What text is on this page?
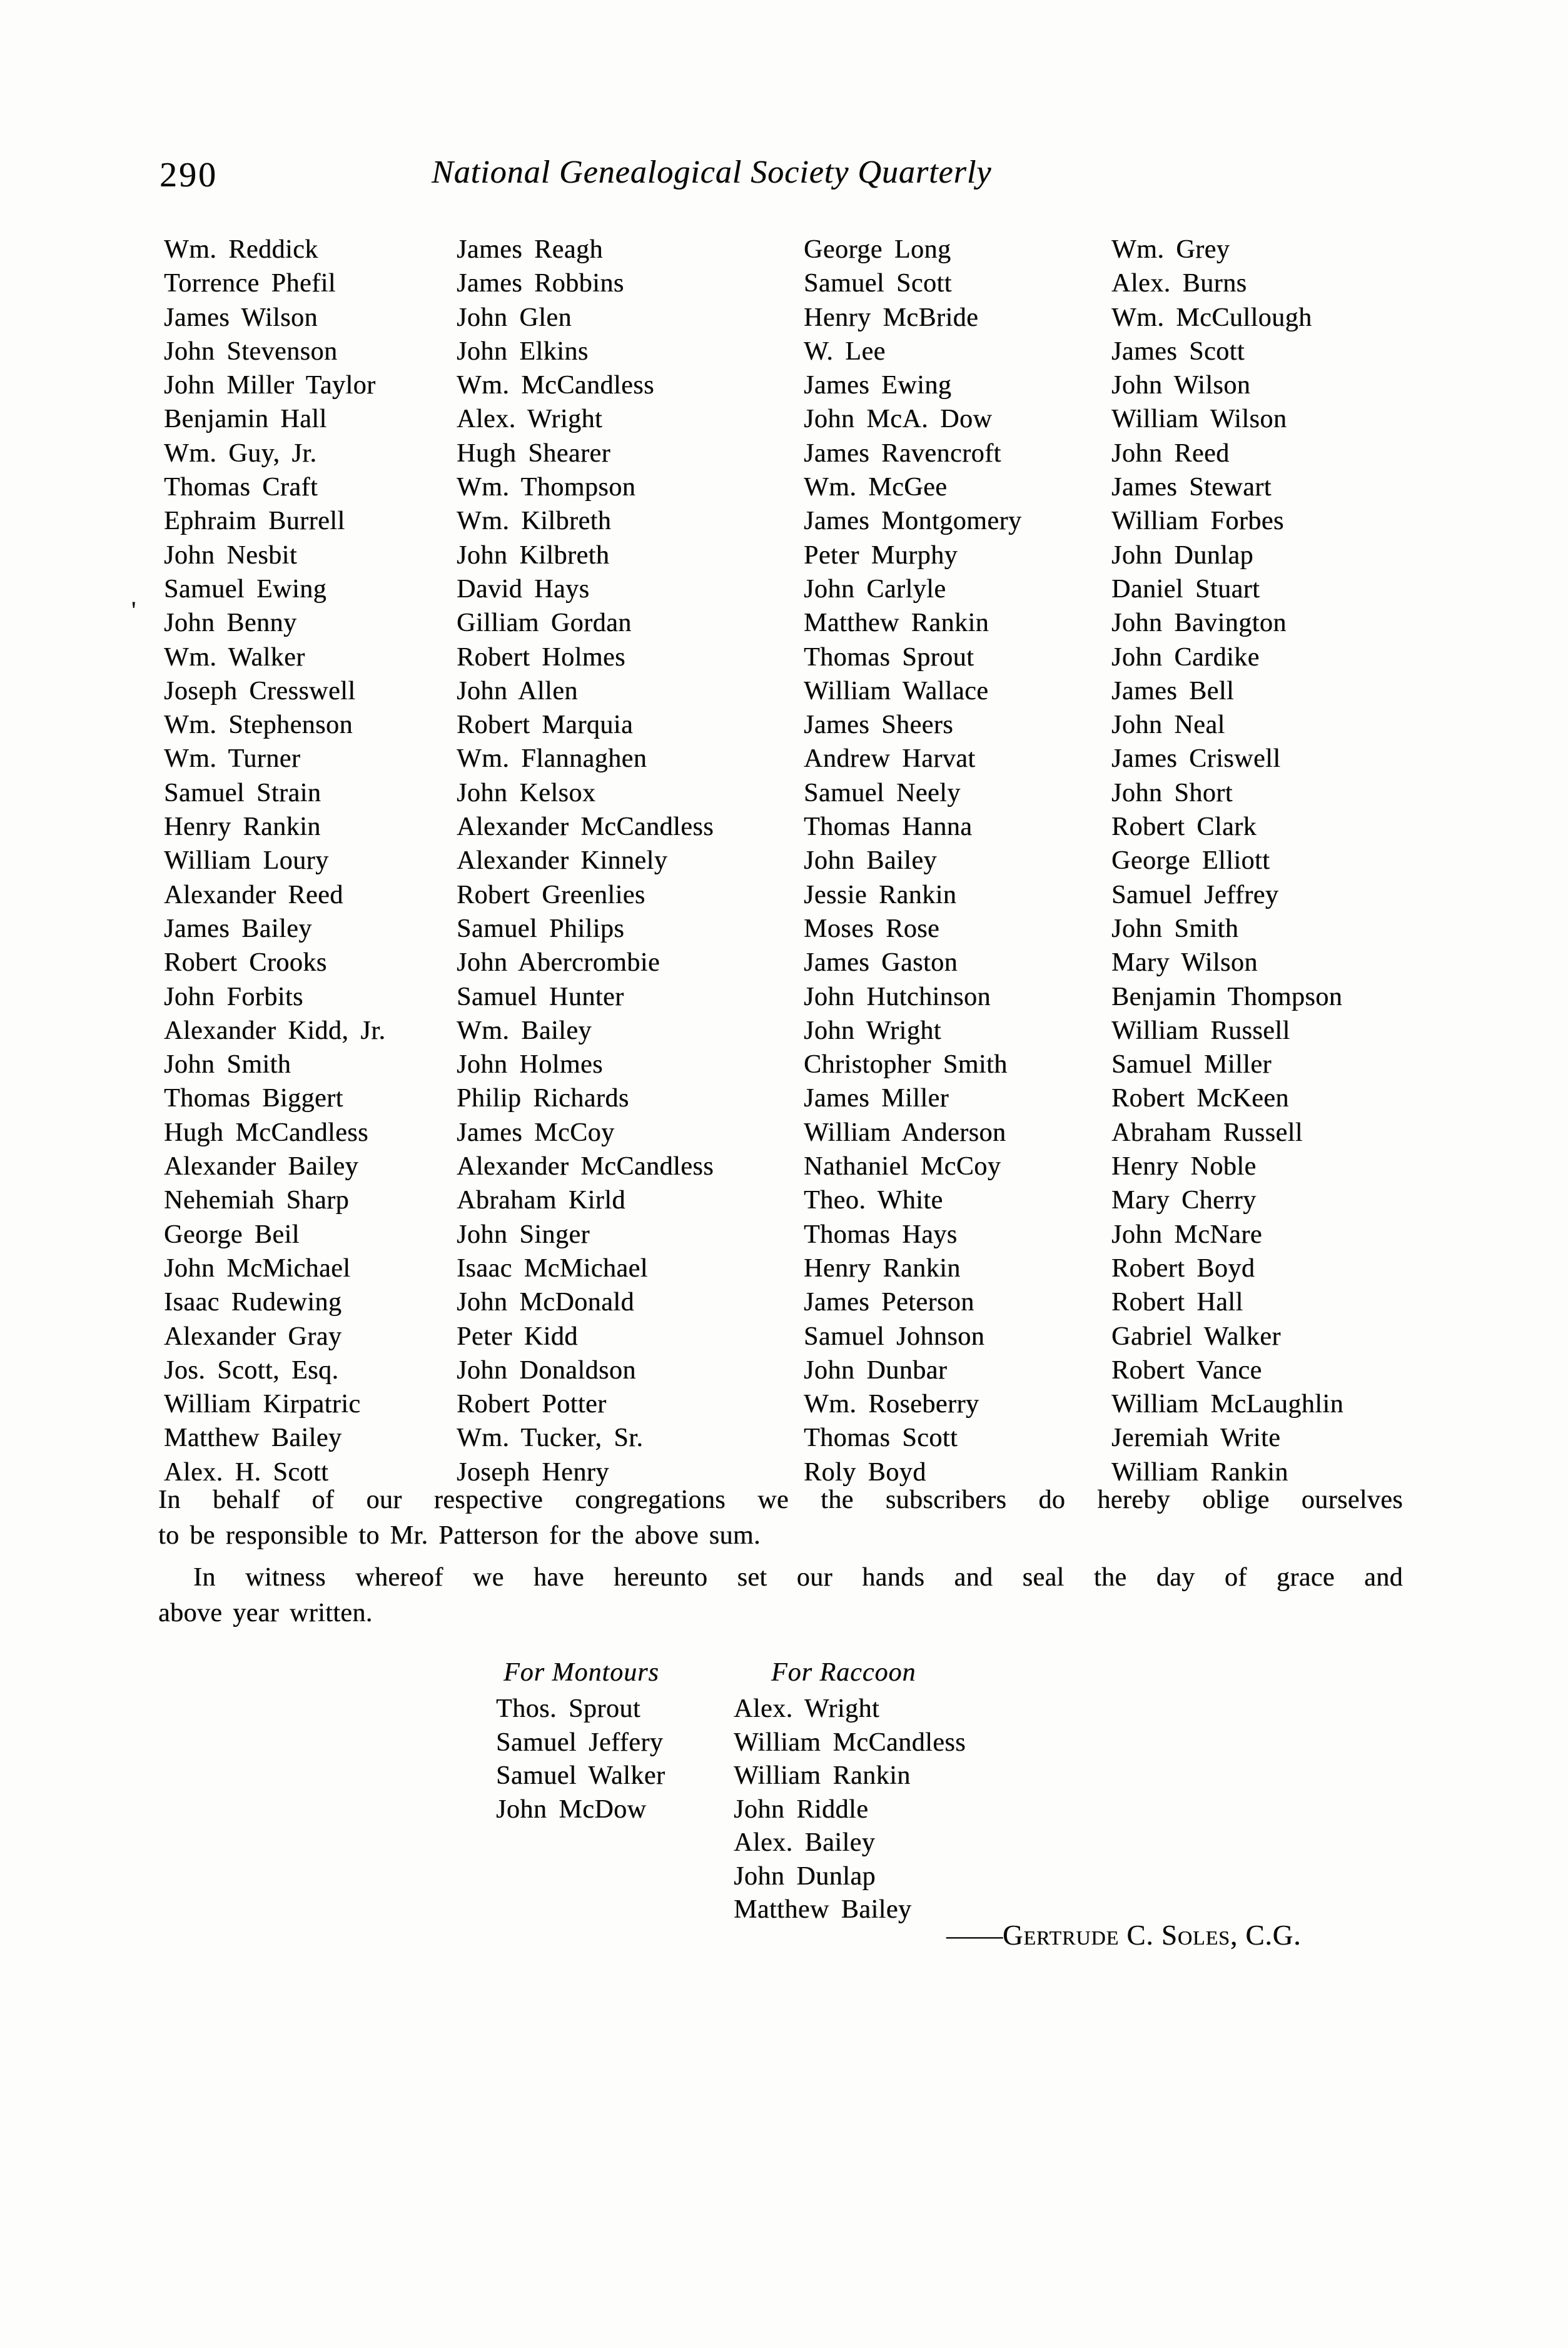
290	National Genealogical Society Quarterly
'
Wm. Reddick
Torrence Phefil
James Wilson
John Stevenson
John Miller Taylor
Benjamin Hall
Wm. Guy, Jr.
Thomas Craft
Ephraim Burrell
John Nesbit
Samuel Ewing
John Benny
Wm. Walker
Joseph Cresswell
Wm. Stephenson
Wm. Turner
Samuel Strain
Henry Rankin
William Loury
Alexander Reed
James Bailey
Robert Crooks
John Forbits
Alexander Kidd, Jr.
John Smith
Thomas Biggert
Hugh McCandless
Alexander Bailey
Nehemiah Sharp
George Beil
John McMichael
Isaac Rudewing
Alexander Gray
Jos. Scott, Esq.
William Kirpatric
Matthew Bailey
Alex. H. Scott
James Reagh
James Robbins
John Glen
John Elkins
Wm. McCandless
Alex. Wright
Hugh Shearer
Wm. Thompson
Wm. Kilbreth
John Kilbreth
David Hays
Gilliam Gordan
Robert Holmes
John Allen
Robert Marquia
Wm. Flannaghen
John Kelsox
Alexander McCandless
Alexander Kinnely
Robert Greenlies
Samuel Philips
John Abercrombie
Samuel Hunter
Wm. Bailey
John Holmes
Philip Richards
James McCoy
Alexander McCandless
Abraham Kirld
John Singer
Isaac McMichael
John McDonald
Peter Kidd
John Donaldson
Robert Potter
Wm. Tucker, Sr.
Joseph Henry
George Long
Samuel Scott
Henry McBride
W. Lee
James Ewing
John McA. Dow
James Ravencroft
Wm. McGee
James Montgomery
Peter Murphy
John Carlyle
Matthew Rankin
Thomas Sprout
William Wallace
James Sheers
Andrew Harvat
Samuel Neely
Thomas Hanna
John Bailey
Jessie Rankin
Moses Rose
James Gaston
John Hutchinson
John Wright
Christopher Smith
James Miller
William Anderson
Nathaniel McCoy
Theo. White
Thomas Hays
Henry Rankin
James Peterson
Samuel Johnson
John Dunbar
Wm. Roseberry
Thomas Scott
Roly Boyd
Wm. Grey
Alex. Burns
Wm. McCullough
James Scott
John Wilson
William Wilson
John Reed
James Stewart
William Forbes
John Dunlap
Daniel Stuart
John Bavington
John Cardike
James Bell
John Neal
James Criswell
John Short
Robert Clark
George Elliott
Samuel Jeffrey
John Smith
Mary Wilson
Benjamin Thompson
William Russell
Samuel Miller
Robert McKeen
Abraham Russell
Henry Noble
Mary Cherry
John McNare
Robert Boyd
Robert Hall
Gabriel Walker
Robert Vance
William McLaughlin
Jeremiah Write
William Rankin
In behalf of our respective congregations we the subscribers do hereby oblige ourselves
to be responsible to Mr. Patterson for the above sum.
In witness whereof we have hereunto set our hands and seal the day of grace and
above year written.
For Montours	For Raccoon
Thos. Sprout
Samuel Jeffery
Samuel Walker
John McDow
Alex. Wright
William McCandless
William Rankin
John Riddle
Alex. Bailey
John Dunlap
Matthew Bailey
——Gertrude C. Soles, C.G.
